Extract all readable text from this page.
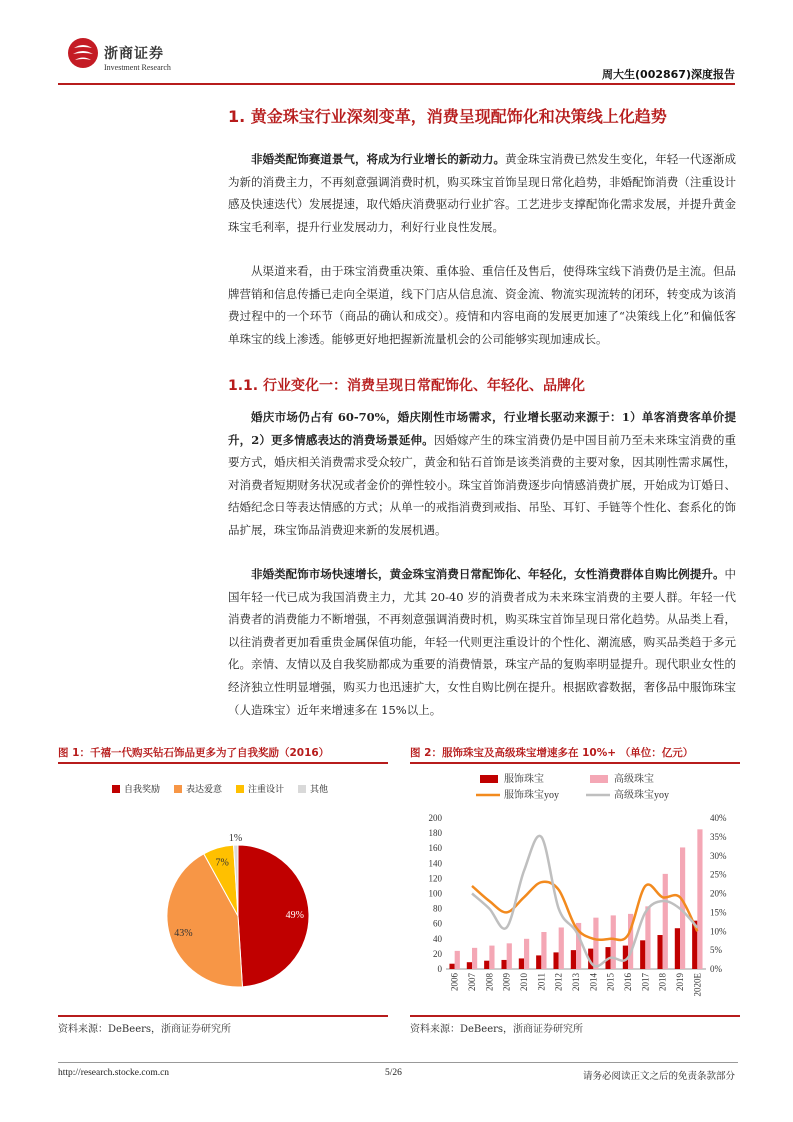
浙商证券
Investment Research
周大生(002867)深度报告
1. 黄金珠宝行业深刻变革，消费呈现配饰化和决策线上化趋势

非婚类配饰赛道景气，将成为行业增长的新动力。黄金珠宝消费已然发生变化，年轻一代逐渐成为新的消费主力，不再刻意强调消费时机，购买珠宝首饰呈现日常化趋势，非婚配饰消费（注重设计感及快速迭代）发展提速，取代婚庆消费驱动行业扩容。工艺进步支撑配饰化需求发展，并提升黄金珠宝毛利率，提升行业发展动力，利好行业良性发展。

从渠道来看，由于珠宝消费重决策、重体验、重信任及售后，使得珠宝线下消费仍是主流。但品牌营销和信息传播已走向全渠道，线下门店从信息流、资金流、物流实现流转的闭环，转变成为该消费过程中的一个环节（商品的确认和成交）。疫情和内容电商的发展更加速了“决策线上化”和偏低客单珠宝的线上渗透。能够更好地把握新流量机会的公司能够实现加速成长。

1.1. 行业变化一：消费呈现日常配饰化、年轻化、品牌化

婚庆市场仍占有 60-70%，婚庆刚性市场需求，行业增长驱动来源于：1）单客消费客单价提升，2）更多情感表达的消费场景延伸。因婚嫁产生的珠宝消费仍是中国目前乃至未来珠宝消费的重要方式，婚庆相关消费需求受众较广，黄金和钻石首饰是该类消费的主要对象，因其刚性需求属性，对消费者短期财务状况或者金价的弹性较小。珠宝首饰消费逐步向情感消费扩展，开始成为订婚日、结婚纪念日等表达情感的方式；从单一的戒指消费到戒指、吊坠、耳钉、手链等个性化、套系化的饰品扩展，珠宝饰品消费迎来新的发展机遇。

非婚类配饰市场快速增长，黄金珠宝消费日常配饰化、年轻化，女性消费群体自购比例提升。中国年轻一代已成为我国消费主力，尤其 20-40 岁的消费者成为未来珠宝消费的主要人群。年轻一代消费者的消费能力不断增强，不再刻意强调消费时机，购买珠宝首饰呈现日常化趋势。从品类上看，以往消费者更加看重贵金属保值功能，年轻一代则更注重设计的个性化、潮流感，购买品类趋于多元化。亲情、友情以及自我奖励都成为重要的消费情景，珠宝产品的复购率明显提升。现代职业女性的经济独立性明显增强，购买力也迅速扩大，女性自购比例在提升。根据欧睿数据，奢侈品中服饰珠宝（人造珠宝）近年来增速多在 15%以上。

图 1：千禧一代购买钻石饰品更多为了自我奖励（2016）
自我奖励	表达爱意	注重设计	其他
49%
43%
7%
1%
资料来源：DeBeers，浙商证券研究所
图 2：服饰珠宝及高级珠宝增速多在 10%+ （单位：亿元）
服饰珠宝	高级珠宝
服饰珠宝yoy	高级珠宝yoy
0
20
40
60
80
100
120
140
160
180
200
0%
5%
10%
15%
20%
25%
30%
35%
40%
2006 2007 2008 2009 2010 2011 2012 2013 2014 2015 2016 2017 2018 2019 2020E
资料来源：DeBeers，浙商证券研究所
http://research.stocke.com.cn	5/26	请务必阅读正文之后的免责条款部分
